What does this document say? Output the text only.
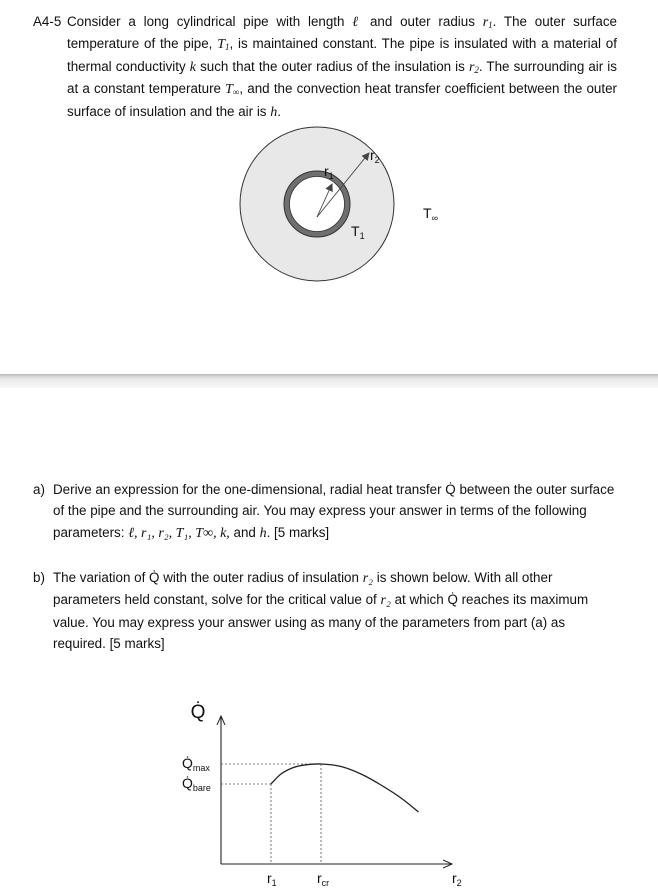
A4-5 Consider a long cylindrical pipe with length ℓ and outer radius $r_1$. The outer surface temperature of the pipe, $T_1$, is maintained constant. The pipe is insulated with a material of thermal conductivity k such that the outer radius of the insulation is $r_2$. The surrounding air is at a constant temperature $T_\infty$, and the convection heat transfer coefficient between the outer surface of insulation and the air is h.

$r_1$
$r_2$
$T_1$
$T_\infty$
a) Derive an expression for the one-dimensional, radial heat transfer Q̇ between the outer surface of the pipe and the surrounding air. You may express your answer in terms of the following parameters: ℓ, r₁, r₂, T₁, T∞, k, and h. [5 marks]
b) The variation of Q̇ with the outer radius of insulation r₂ is shown below. With all other parameters held constant, solve for the critical value of r₂ at which Q̇ reaches its maximum value. You may express your answer using as many of the parameters from part (a) as required. [5 marks]
Q̇
$Q̇_{max}$
$Q̇_{bare}$
$r_1$	$r_{cr}$	$r_2$
